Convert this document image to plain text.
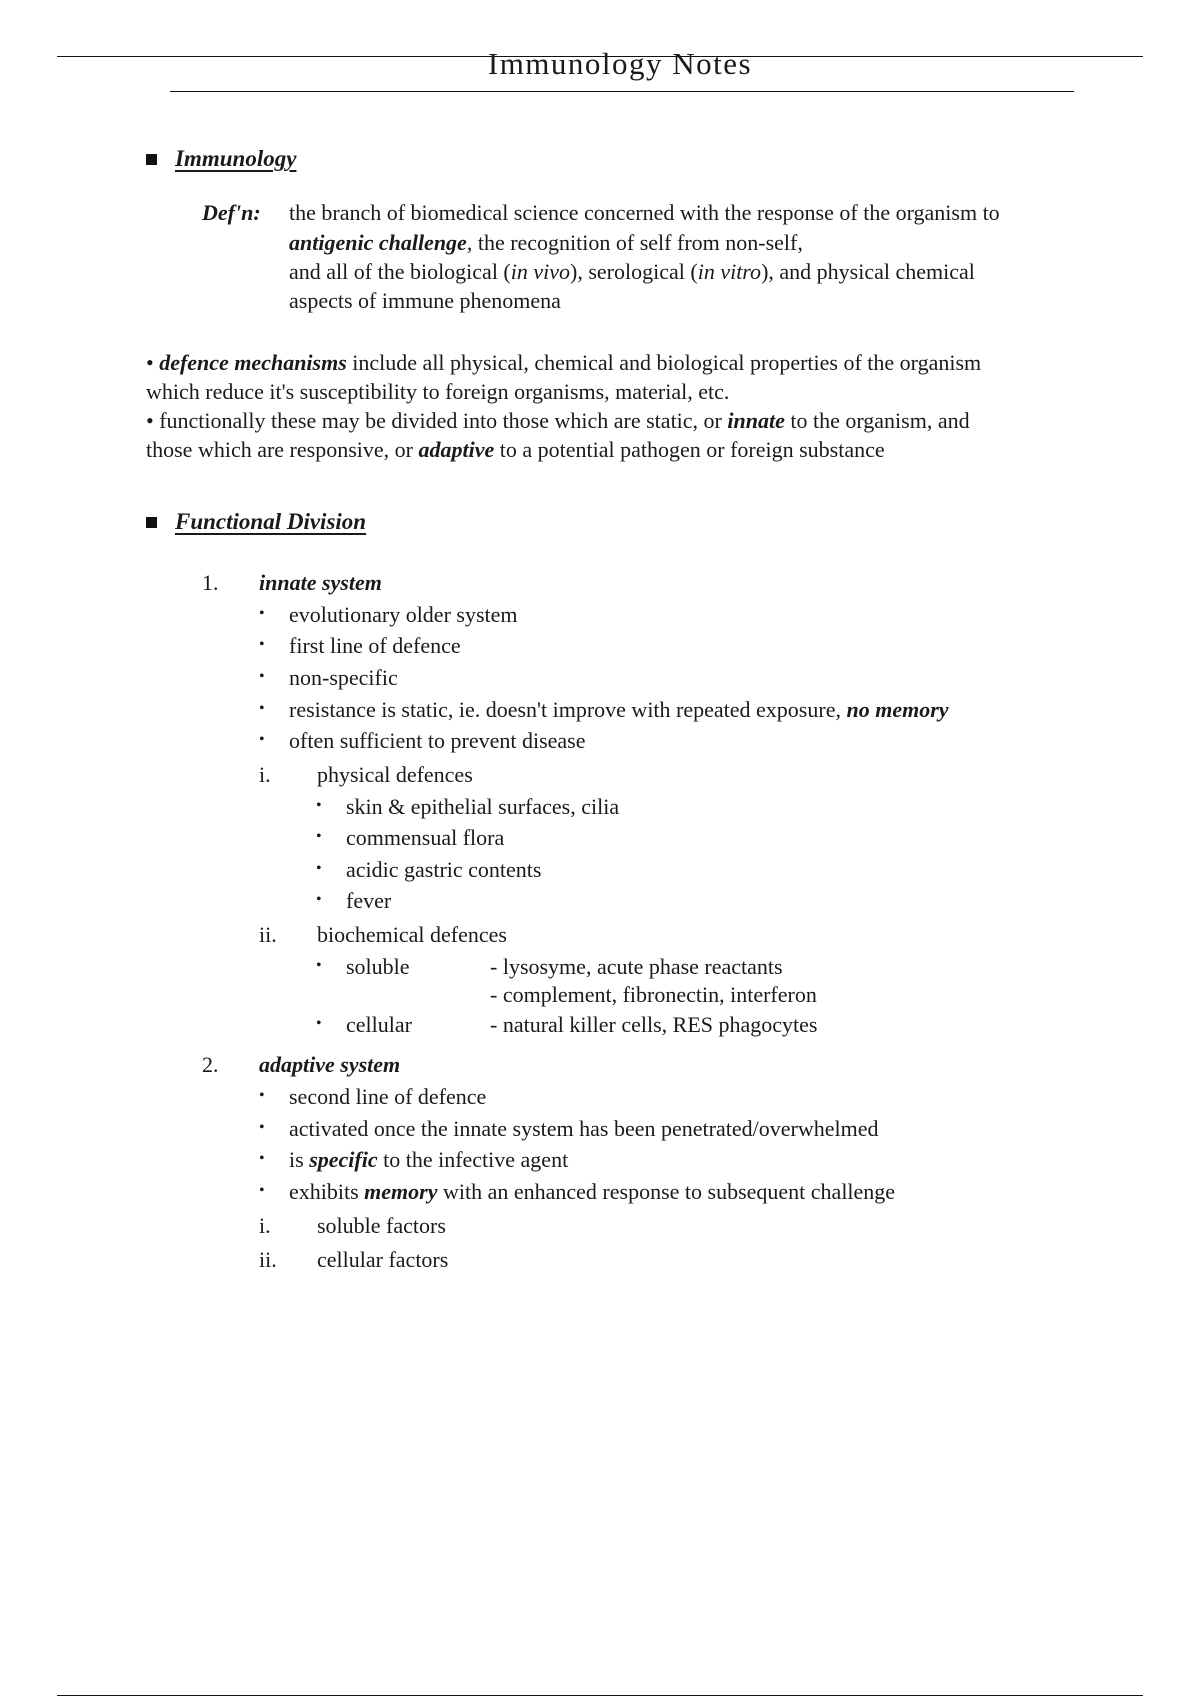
Immunology Notes
Immunology
Def'n: the branch of biomedical science concerned with the response of the organism to
antigenic challenge, the recognition of self from non-self,
and all of the biological (in vivo), serological (in vitro), and physical chemical
aspects of immune phenomena
• defence mechanisms include all physical, chemical and biological properties of the organism
which reduce it's susceptibility to foreign organisms, material, etc.
• functionally these may be divided into those which are static, or innate to the organism, and
those which are responsive, or adaptive to a potential pathogen or foreign substance
Functional Division
1. innate system
• evolutionary older system
• first line of defence
• non-specific
• resistance is static, ie. doesn't improve with repeated exposure, no memory
• often sufficient to prevent disease
i. physical defences
• skin & epithelial surfaces, cilia
• commensual flora
• acidic gastric contents
• fever
ii. biochemical defences
• soluble	- lysosyme, acute phase reactants
- complement, fibronectin, interferon
• cellular	- natural killer cells, RES phagocytes
2. adaptive system
• second line of defence
• activated once the innate system has been penetrated/overwhelmed
• is specific to the infective agent
• exhibits memory with an enhanced response to subsequent challenge
i. soluble factors
ii. cellular factors
